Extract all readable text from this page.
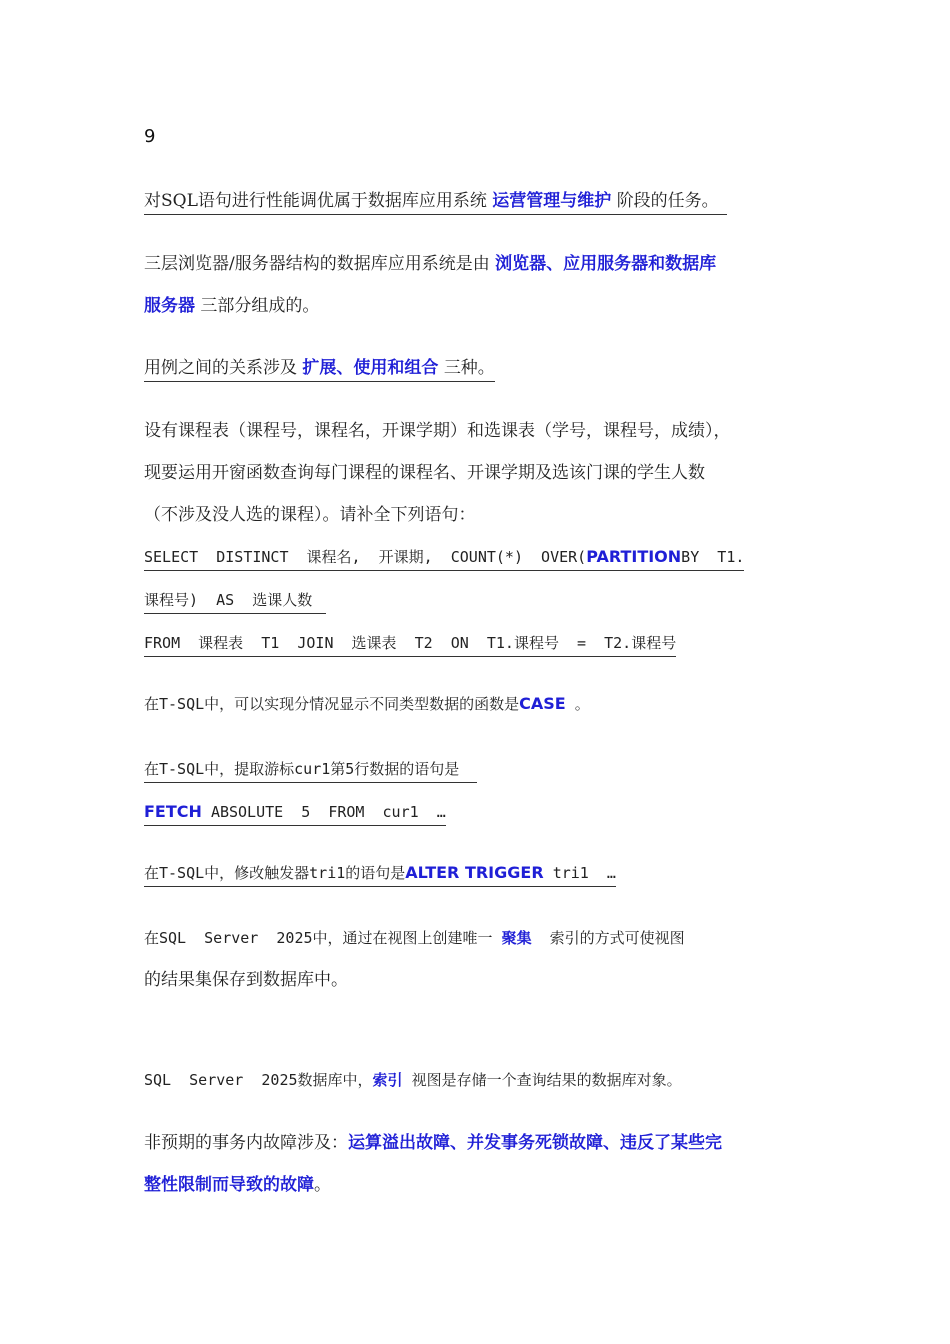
9
对SQL语句进行性能调优属于数据库应用系统 运营管理与维护 阶段的任务。
三层浏览器/服务器结构的数据库应用系统是由 浏览器、应用服务器和数据库
服务器 三部分组成的。
用例之间的关系涉及 扩展、使用和组合 三种。
设有课程表（课程号，课程名，开课学期）和选课表（学号，课程号，成绩），
现要运用开窗函数查询每门课程的课程名、开课学期及选该门课的学生人数
（不涉及没人选的课程）。请补全下列语句：
SELECT  DISTINCT  课程名,  开课期,  COUNT(*)  OVER(PARTITIONBY  T1.
课程号)  AS  选课人数
FROM  课程表  T1  JOIN  选课表  T2  ON  T1.课程号  =  T2.课程号
在T-SQL中，可以实现分情况显示不同类型数据的函数是CASE 。
在T-SQL中，提取游标cur1第5行数据的语句是
FETCH ABSOLUTE  5  FROM  cur1  …
在T-SQL中，修改触发器tri1的语句是ALTER TRIGGER tri1  …
在SQL  Server  2025中，通过在视图上创建唯一 聚集 索引的方式可使视图
的结果集保存到数据库中。
SQL  Server  2025数据库中，索引 视图是存储一个查询结果的数据库对象。
非预期的事务内故障涉及：运算溢出故障、并发事务死锁故障、违反了某些完
整性限制而导致的故障。
